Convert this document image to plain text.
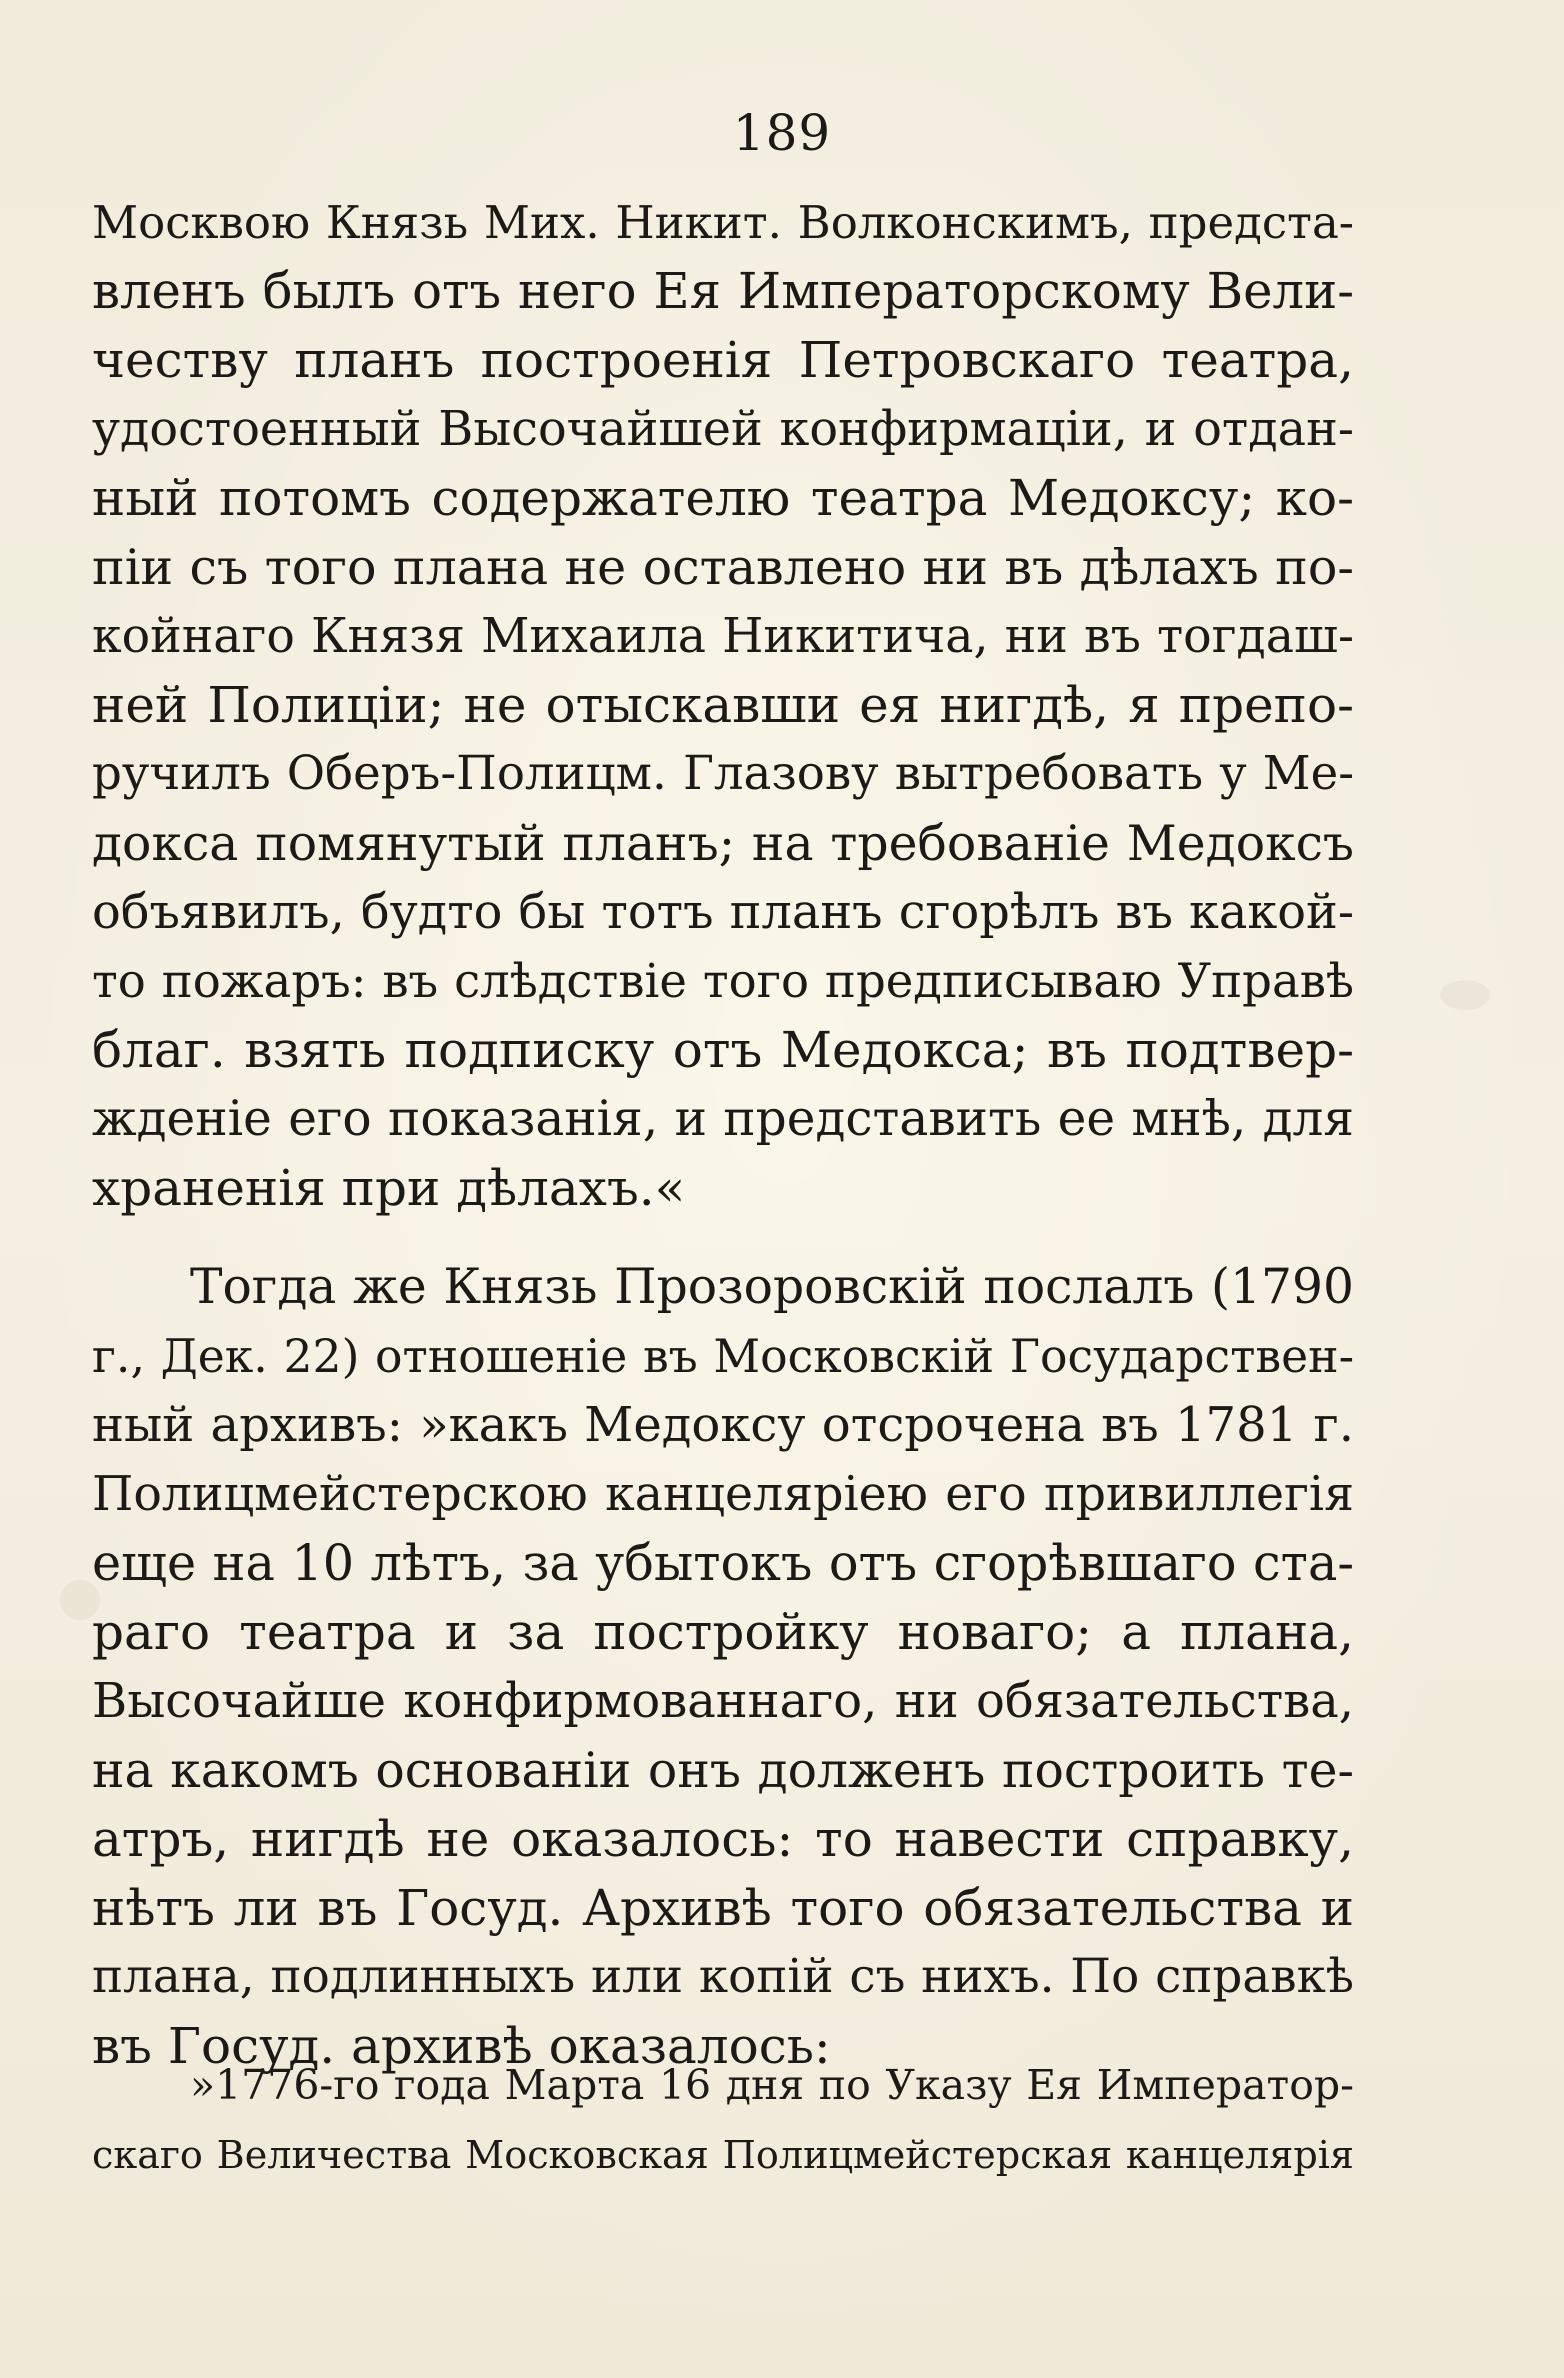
189
Москвою Князь Мих. Никит. Волконскимъ, предста-
вленъ былъ отъ него Ея Императорскому Вели-
честву планъ построенія Петровскаго театра,
удостоенный Высочайшей конфирмаціи, и отдан-
ный потомъ содержателю театра Медоксу; ко-
піи съ того плана не оставлено ни въ дѣлахъ по-
койнаго Князя Михаила Никитича, ни въ тогдаш-
ней Полиціи; не отыскавши ея нигдѣ, я препо-
ручилъ Оберъ-Полицм. Глазову вытребовать у Ме-
докса помянутый планъ; на требованіе Медоксъ
объявилъ, будто бы тотъ планъ сгорѣлъ въ какой-
то пожаръ: въ слѣдствіе того предписываю Управѣ
благ. взять подписку отъ Медокса; въ подтвер-
жденіе его показанія, и представить ее мнѣ, для
храненія при дѣлахъ.«
Тогда же Князь Прозоровскій послалъ (1790
г., Дек. 22) отношеніе въ Московскій Государствен-
ный архивъ: »какъ Медоксу отсрочена въ 1781 г.
Полицмейстерскою канцеляріею его привиллегія
еще на 10 лѣтъ, за убытокъ отъ сгорѣвшаго ста-
раго театра и за постройку новаго; а плана,
Высочайше конфирмованнаго, ни обязательства,
на какомъ основаніи онъ долженъ построить те-
атръ, нигдѣ не оказалось: то навести справку,
нѣтъ ли въ Госуд. Архивѣ того обязательства и
плана, подлинныхъ или копій съ нихъ. По справкѣ
въ Госуд. архивѣ оказалось:
»1776-го года Марта 16 дня по Указу Ея Император-
скаго Величества Московская Полицмейстерская канцелярія
